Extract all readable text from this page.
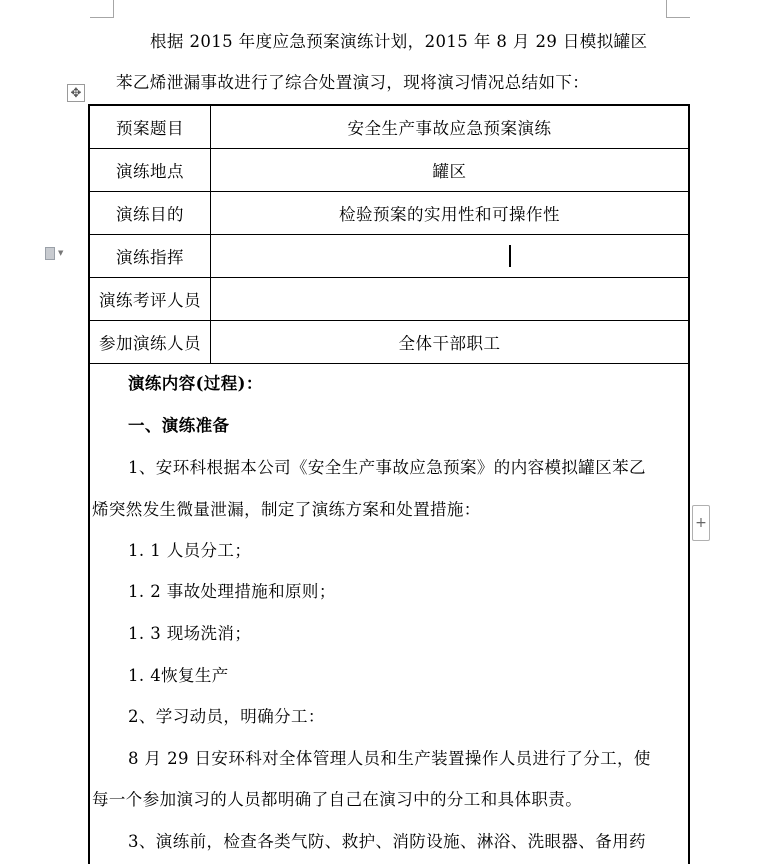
根据 2015 年度应急预案演练计划，2015 年 8 月 29 日模拟罐区
苯乙烯泄漏事故进行了综合处置演习，现将演习情况总结如下：
✥
▼
+
预案题目	安全生产事故应急预案演练
演练地点	罐区
演练目的	检验预案的实用性和可操作性
演练指挥
演练考评人员
参加演练人员	全体干部职工
演练内容(过程)：
一、演练准备
1、安环科根据本公司《安全生产事故应急预案》的内容模拟罐区苯乙
烯突然发生微量泄漏，制定了演练方案和处置措施：
1. 1 人员分工；
1. 2 事故处理措施和原则；
1. 3 现场洗消；
1. 4恢复生产
2、学习动员，明确分工：
8 月 29 日安环科对全体管理人员和生产装置操作人员进行了分工，使
每一个参加演习的人员都明确了自己在演习中的分工和具体职责。
3、演练前，检查各类气防、救护、消防设施、淋浴、洗眼器、备用药
